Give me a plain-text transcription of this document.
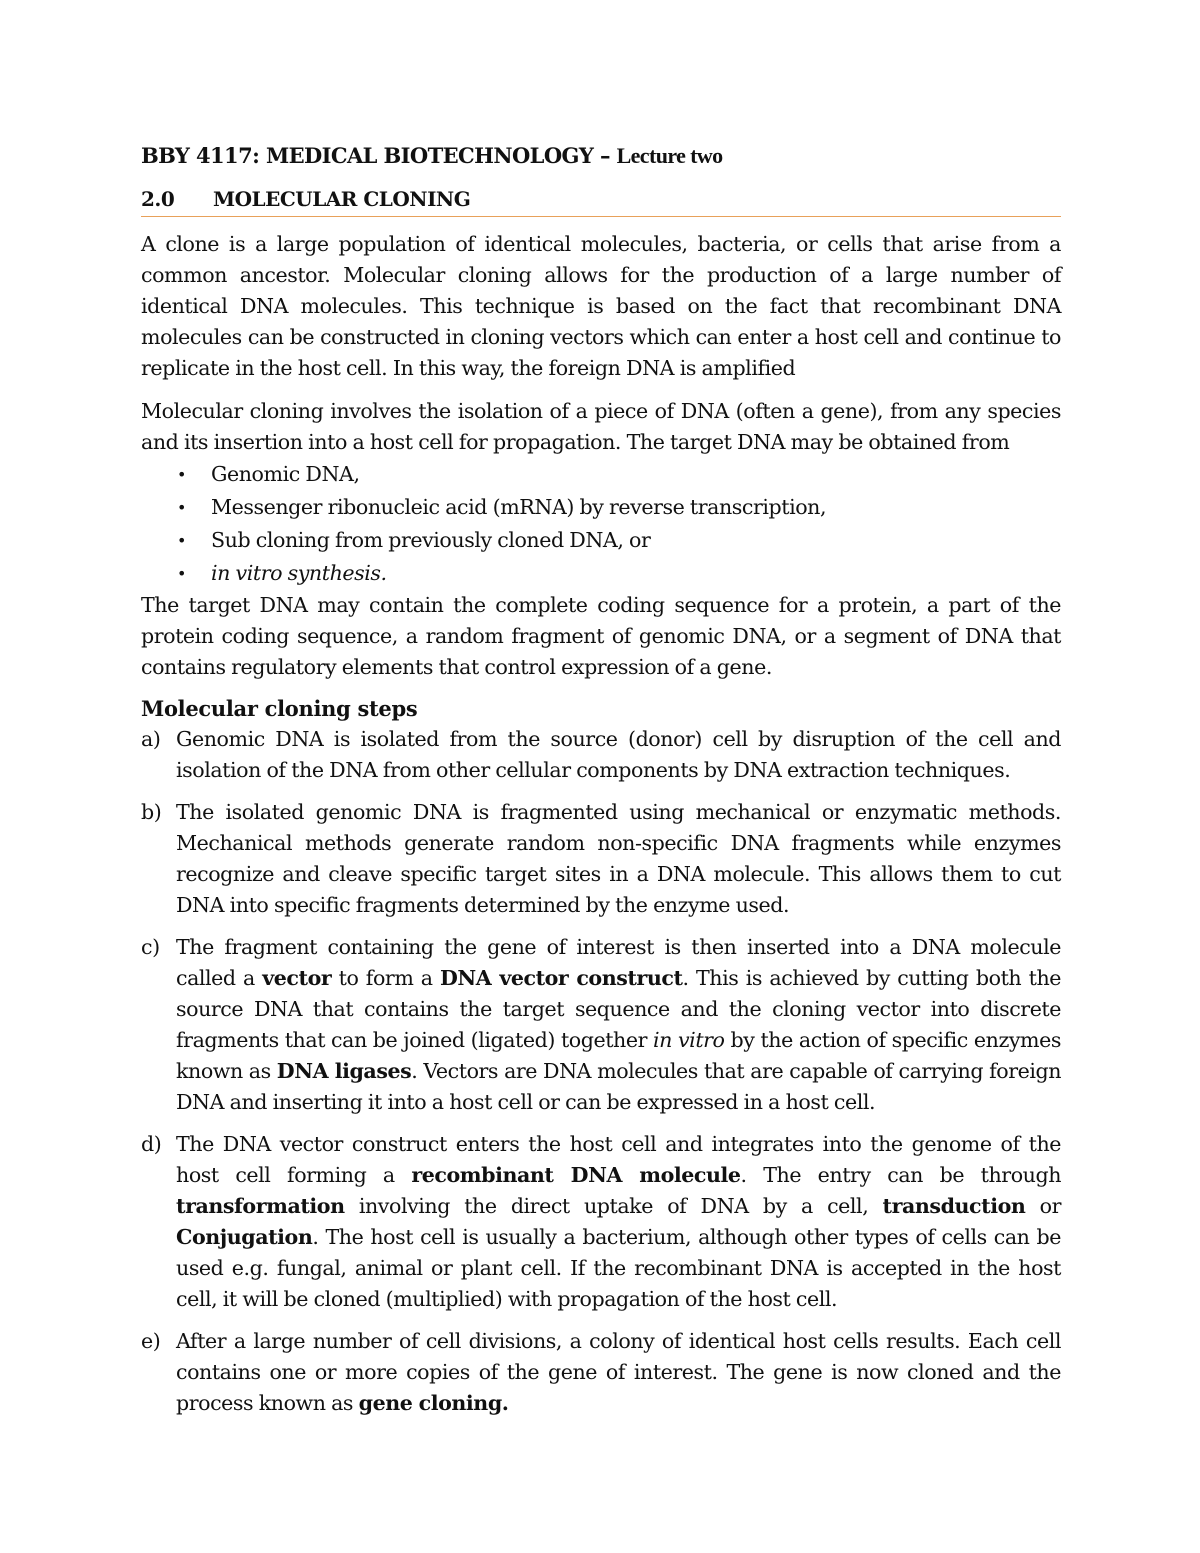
BBY 4117: MEDICAL BIOTECHNOLOGY – Lecture two
2.0	MOLECULAR CLONING

A clone is a large population of identical molecules, bacteria, or cells that arise from a common ancestor. Molecular cloning allows for the production of a large number of identical DNA molecules. This technique is based on the fact that recombinant DNA molecules can be constructed in cloning vectors which can enter a host cell and continue to replicate in the host cell. In this way, the foreign DNA is amplified

Molecular cloning involves the isolation of a piece of DNA (often a gene), from any species and its insertion into a host cell for propagation. The target DNA may be obtained from

• Genomic DNA,
• Messenger ribonucleic acid (mRNA) by reverse transcription,
• Sub cloning from previously cloned DNA, or
• in vitro synthesis.

The target DNA may contain the complete coding sequence for a protein, a part of the protein coding sequence, a random fragment of genomic DNA, or a segment of DNA that contains regulatory elements that control expression of a gene.

Molecular cloning steps

a) Genomic DNA is isolated from the source (donor) cell by disruption of the cell and isolation of the DNA from other cellular components by DNA extraction techniques.

b) The isolated genomic DNA is fragmented using mechanical or enzymatic methods. Mechanical methods generate random non-specific DNA fragments while enzymes recognize and cleave specific target sites in a DNA molecule. This allows them to cut DNA into specific fragments determined by the enzyme used.

c) The fragment containing the gene of interest is then inserted into a DNA molecule called a vector to form a DNA vector construct. This is achieved by cutting both the source DNA that contains the target sequence and the cloning vector into discrete fragments that can be joined (ligated) together in vitro by the action of specific enzymes known as DNA ligases. Vectors are DNA molecules that are capable of carrying foreign DNA and inserting it into a host cell or can be expressed in a host cell.

d) The DNA vector construct enters the host cell and integrates into the genome of the host cell forming a recombinant DNA molecule. The entry can be through transformation involving the direct uptake of DNA by a cell, transduction or Conjugation. The host cell is usually a bacterium, although other types of cells can be used e.g. fungal, animal or plant cell. If the recombinant DNA is accepted in the host cell, it will be cloned (multiplied) with propagation of the host cell.

e) After a large number of cell divisions, a colony of identical host cells results. Each cell contains one or more copies of the gene of interest. The gene is now cloned and the process known as gene cloning.
